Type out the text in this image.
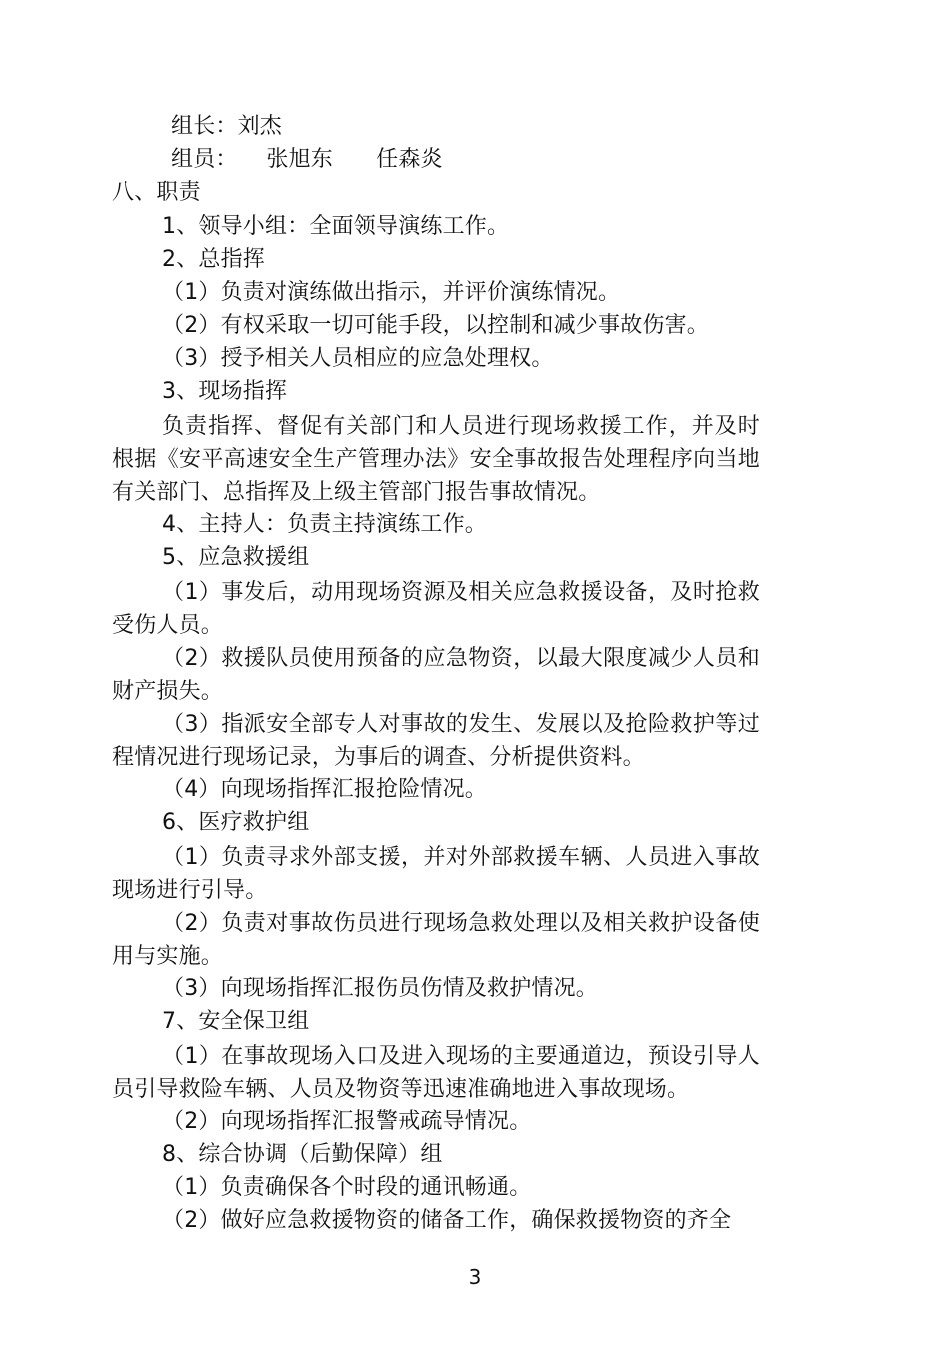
组长：刘杰
组员：    张旭东      任森炎
八、职责
1、领导小组：全面领导演练工作。
2、总指挥
（1）负责对演练做出指示，并评价演练情况。
（2）有权采取一切可能手段，以控制和减少事故伤害。
（3）授予相关人员相应的应急处理权。
3、现场指挥
负责指挥、督促有关部门和人员进行现场救援工作，并及时根据《安平高速安全生产管理办法》安全事故报告处理程序向当地有关部门、总指挥及上级主管部门报告事故情况。
4、主持人：负责主持演练工作。
5、应急救援组
（1）事发后，动用现场资源及相关应急救援设备，及时抢救受伤人员。
（2）救援队员使用预备的应急物资，以最大限度减少人员和财产损失。
（3）指派安全部专人对事故的发生、发展以及抢险救护等过程情况进行现场记录，为事后的调查、分析提供资料。
（4）向现场指挥汇报抢险情况。
6、医疗救护组
（1）负责寻求外部支援，并对外部救援车辆、人员进入事故现场进行引导。
（2）负责对事故伤员进行现场急救处理以及相关救护设备使用与实施。
（3）向现场指挥汇报伤员伤情及救护情况。
7、安全保卫组
（1）在事故现场入口及进入现场的主要通道边，预设引导人员引导救险车辆、人员及物资等迅速准确地进入事故现场。
（2）向现场指挥汇报警戒疏导情况。
8、综合协调（后勤保障）组
（1）负责确保各个时段的通讯畅通。
（2）做好应急救援物资的储备工作，确保救援物资的齐全
3
